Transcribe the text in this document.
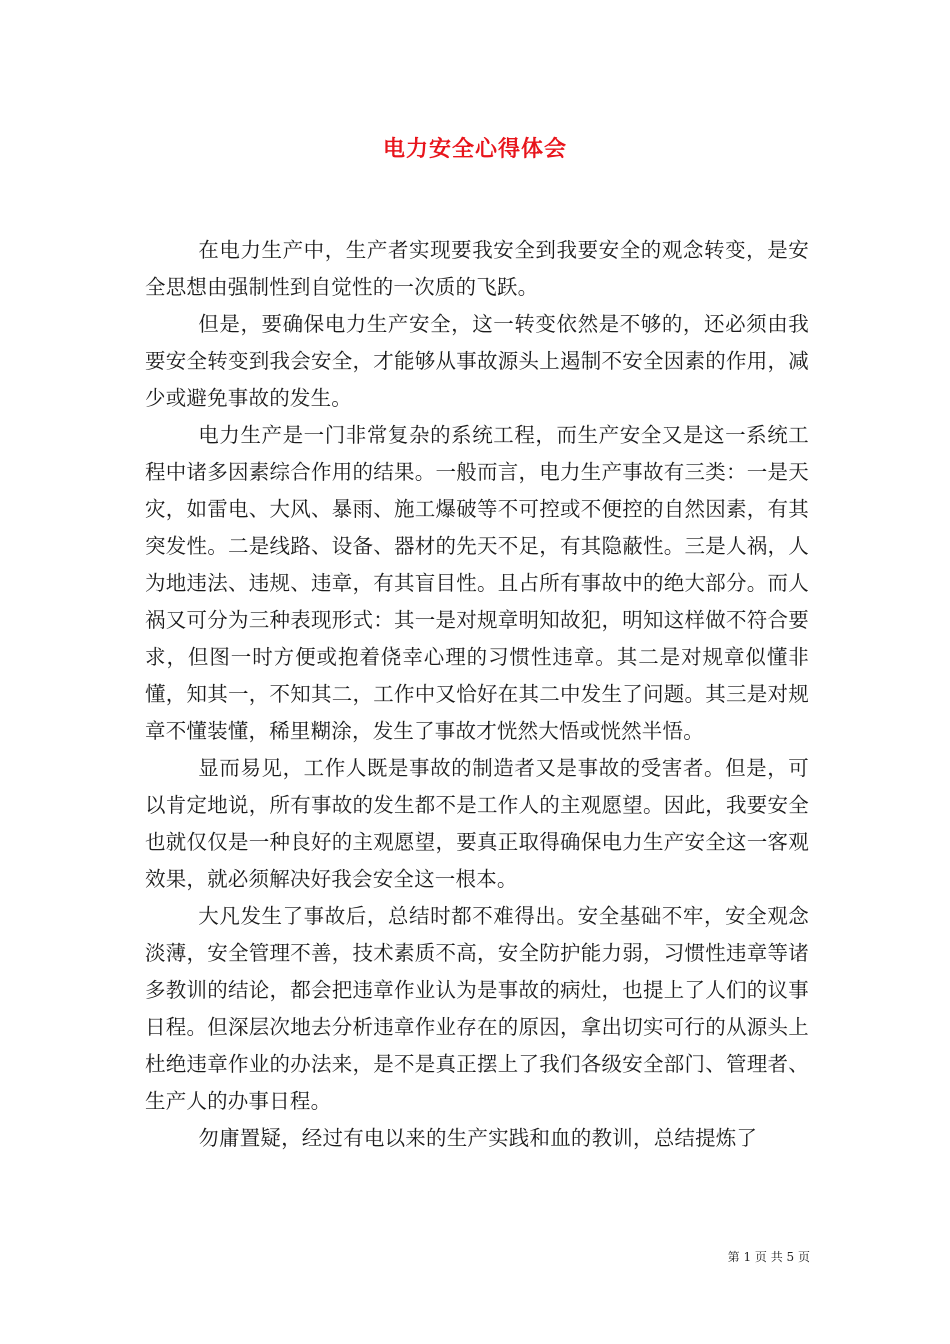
电力安全心得体会

在电力生产中，生产者实现要我安全到我要安全的观念转变，是安全思想由强制性到自觉性的一次质的飞跃。

但是，要确保电力生产安全，这一转变依然是不够的，还必须由我要安全转变到我会安全，才能够从事故源头上遏制不安全因素的作用，减少或避免事故的发生。

电力生产是一门非常复杂的系统工程，而生产安全又是这一系统工程中诸多因素综合作用的结果。一般而言，电力生产事故有三类：一是天灾，如雷电、大风、暴雨、施工爆破等不可控或不便控的自然因素，有其突发性。二是线路、设备、器材的先天不足，有其隐蔽性。三是人祸，人为地违法、违规、违章，有其盲目性。且占所有事故中的绝大部分。而人祸又可分为三种表现形式：其一是对规章明知故犯，明知这样做不符合要求，但图一时方便或抱着侥幸心理的习惯性违章。其二是对规章似懂非懂，知其一，不知其二，工作中又恰好在其二中发生了问题。其三是对规章不懂装懂，稀里糊涂，发生了事故才恍然大悟或恍然半悟。

显而易见，工作人既是事故的制造者又是事故的受害者。但是，可以肯定地说，所有事故的发生都不是工作人的主观愿望。因此，我要安全也就仅仅是一种良好的主观愿望，要真正取得确保电力生产安全这一客观效果，就必须解决好我会安全这一根本。

大凡发生了事故后，总结时都不难得出。安全基础不牢，安全观念淡薄，安全管理不善，技术素质不高，安全防护能力弱，习惯性违章等诸多教训的结论，都会把违章作业认为是事故的病灶，也提上了人们的议事日程。但深层次地去分析违章作业存在的原因，拿出切实可行的从源头上杜绝违章作业的办法来，是不是真正摆上了我们各级安全部门、管理者、生产人的办事日程。

勿庸置疑，经过有电以来的生产实践和血的教训，总结提炼了

第 1 页 共 5 页
